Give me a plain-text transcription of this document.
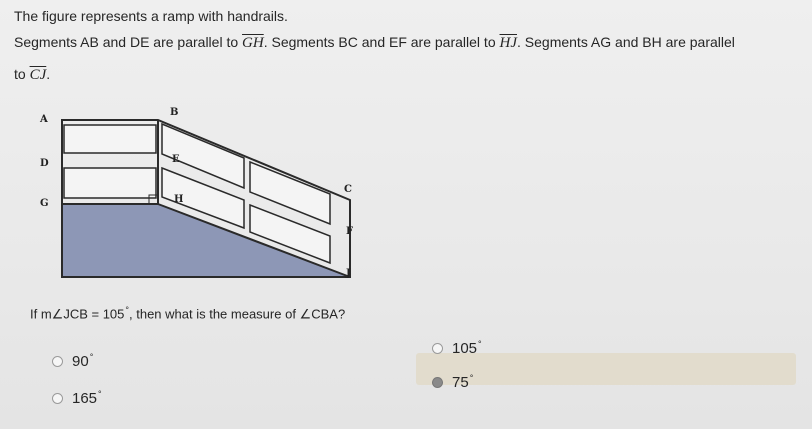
The figure represents a ramp with handrails.
Segments AB and DE are parallel to $\overline{GH}$. Segments BC and EF are parallel to $\overline{HJ}$. Segments AG and BH are parallel
to $\overline{CJ}$.
A
B
D	E
G	H
C
F
J
If m∠JCB = 105°, then what is the measure of ∠CBA?
90°
165°
105°
75°
